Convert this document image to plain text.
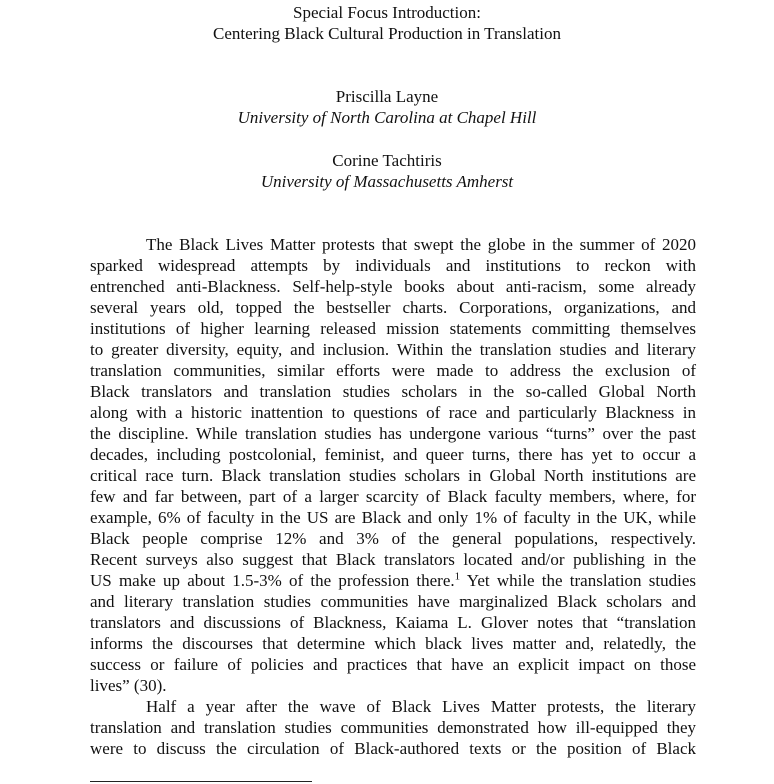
Special Focus Introduction:
Centering Black Cultural Production in Translation
Priscilla Layne
University of North Carolina at Chapel Hill
Corine Tachtiris
University of Massachusetts Amherst
The Black Lives Matter protests that swept the globe in the summer of 2020
sparked widespread attempts by individuals and institutions to reckon with
entrenched anti-Blackness. Self-help-style books about anti-racism, some already
several years old, topped the bestseller charts. Corporations, organizations, and
institutions of higher learning released mission statements committing themselves
to greater diversity, equity, and inclusion. Within the translation studies and literary
translation communities, similar efforts were made to address the exclusion of
Black translators and translation studies scholars in the so-called Global North
along with a historic inattention to questions of race and particularly Blackness in
the discipline. While translation studies has undergone various “turns” over the past
decades, including postcolonial, feminist, and queer turns, there has yet to occur a
critical race turn. Black translation studies scholars in Global North institutions are
few and far between, part of a larger scarcity of Black faculty members, where, for
example, 6% of faculty in the US are Black and only 1% of faculty in the UK, while
Black people comprise 12% and 3% of the general populations, respectively.
Recent surveys also suggest that Black translators located and/or publishing in the
US make up about 1.5-3% of the profession there.$^1$ Yet while the translation studies
and literary translation studies communities have marginalized Black scholars and
translators and discussions of Blackness, Kaiama L. Glover notes that “translation
informs the discourses that determine which black lives matter and, relatedly, the
success or failure of policies and practices that have an explicit impact on those
lives” (30).
Half a year after the wave of Black Lives Matter protests, the literary
translation and translation studies communities demonstrated how ill-equipped they
were to discuss the circulation of Black-authored texts or the position of Black
